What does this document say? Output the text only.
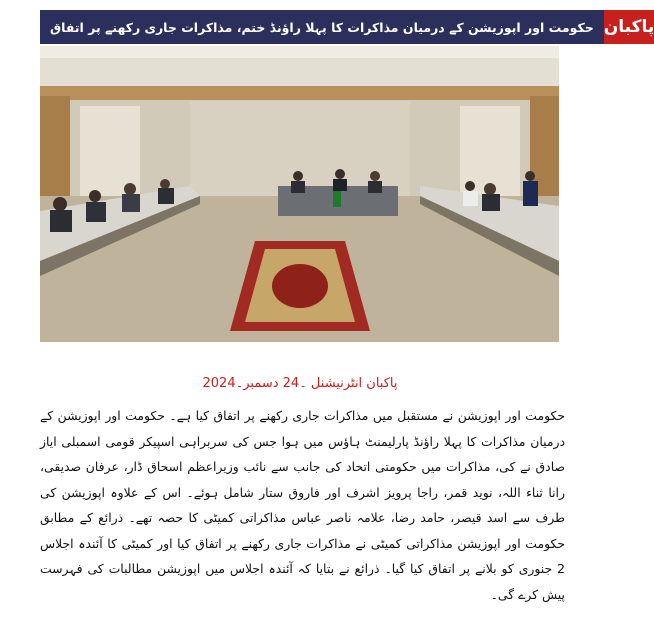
حکومت اور اپوزیشن کے درمیان مذاکرات کا پہلا راؤنڈ ختم، مذاکرات جاری رکھنے پر اتفاق پاکبان
پاکبان انٹرنیشنل ۔24 دسمبر۔2024

حکومت اور اپوزیشن نے مستقبل میں مذاکرات جاری رکھنے پر اتفاق کیا ہے۔ حکومت اور اپوزیشن کے درمیان مذاکرات کا پہلا راؤنڈ پارلیمنٹ ہاؤس میں ہوا جس کی سربراہی اسپیکر قومی اسمبلی ایاز صادق نے کی، مذاکرات میں حکومتی اتحاد کی جانب سے نائب وزیراعظم اسحاق ڈار، عرفان صدیقی، رانا ثناء اللہ، نوید قمر، راجا پرویز اشرف اور فاروق ستار شامل ہوئے۔ اس کے علاوہ اپوزیشن کی طرف سے اسد قیصر، حامد رضا، علامہ ناصر عباس مذاکراتی کمیٹی کا حصہ تھے۔ ذرائع کے مطابق حکومت اور اپوزیشن مذاکراتی کمیٹی نے مذاکرات جاری رکھنے پر اتفاق کیا اور کمیٹی کا آئندہ اجلاس 2 جنوری کو بلانے پر اتفاق کیا گیا۔ ذرائع نے بتایا کہ آئندہ اجلاس میں اپوزیشن مطالبات کی فہرست پیش کرے گی۔
